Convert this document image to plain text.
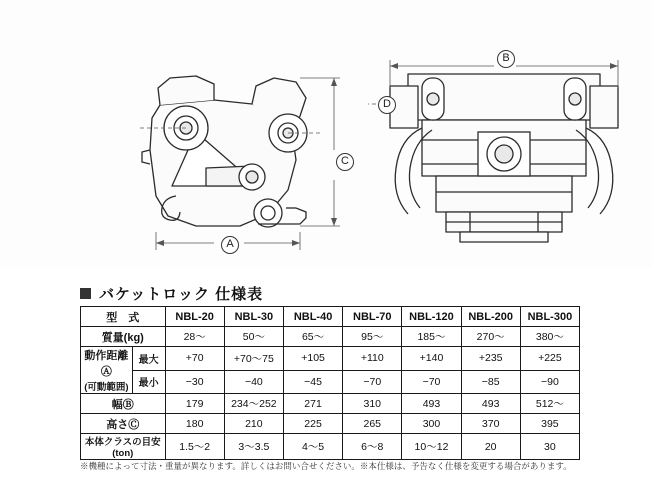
A
C
B
D
バケットロック 仕様表
型　式		NBL-20	NBL-30	NBL-40	NBL-70	NBL-120	NBL-200	NBL-300
質量(kg)		28〜	50〜	65〜	95〜	185〜	270〜	380〜

動作距離Ⓐ
(可動範囲)	最大	+70	+70〜75	+105	+110	+140	+235	+225
	最小	−30	−40	−45	−70	−70	−85	−90
幅Ⓑ		179	234〜252	271	310	493	493	512〜
高さⒸ		180	210	225	265	300	370	395
本体クラスの目安(ton)		1.5〜2	3〜3.5	4〜5	6〜8	10〜12	20	30
※機種によって寸法・重量が異なります。詳しくはお問い合せください。※本仕様は、予告なく仕様を変更する場合があります。
